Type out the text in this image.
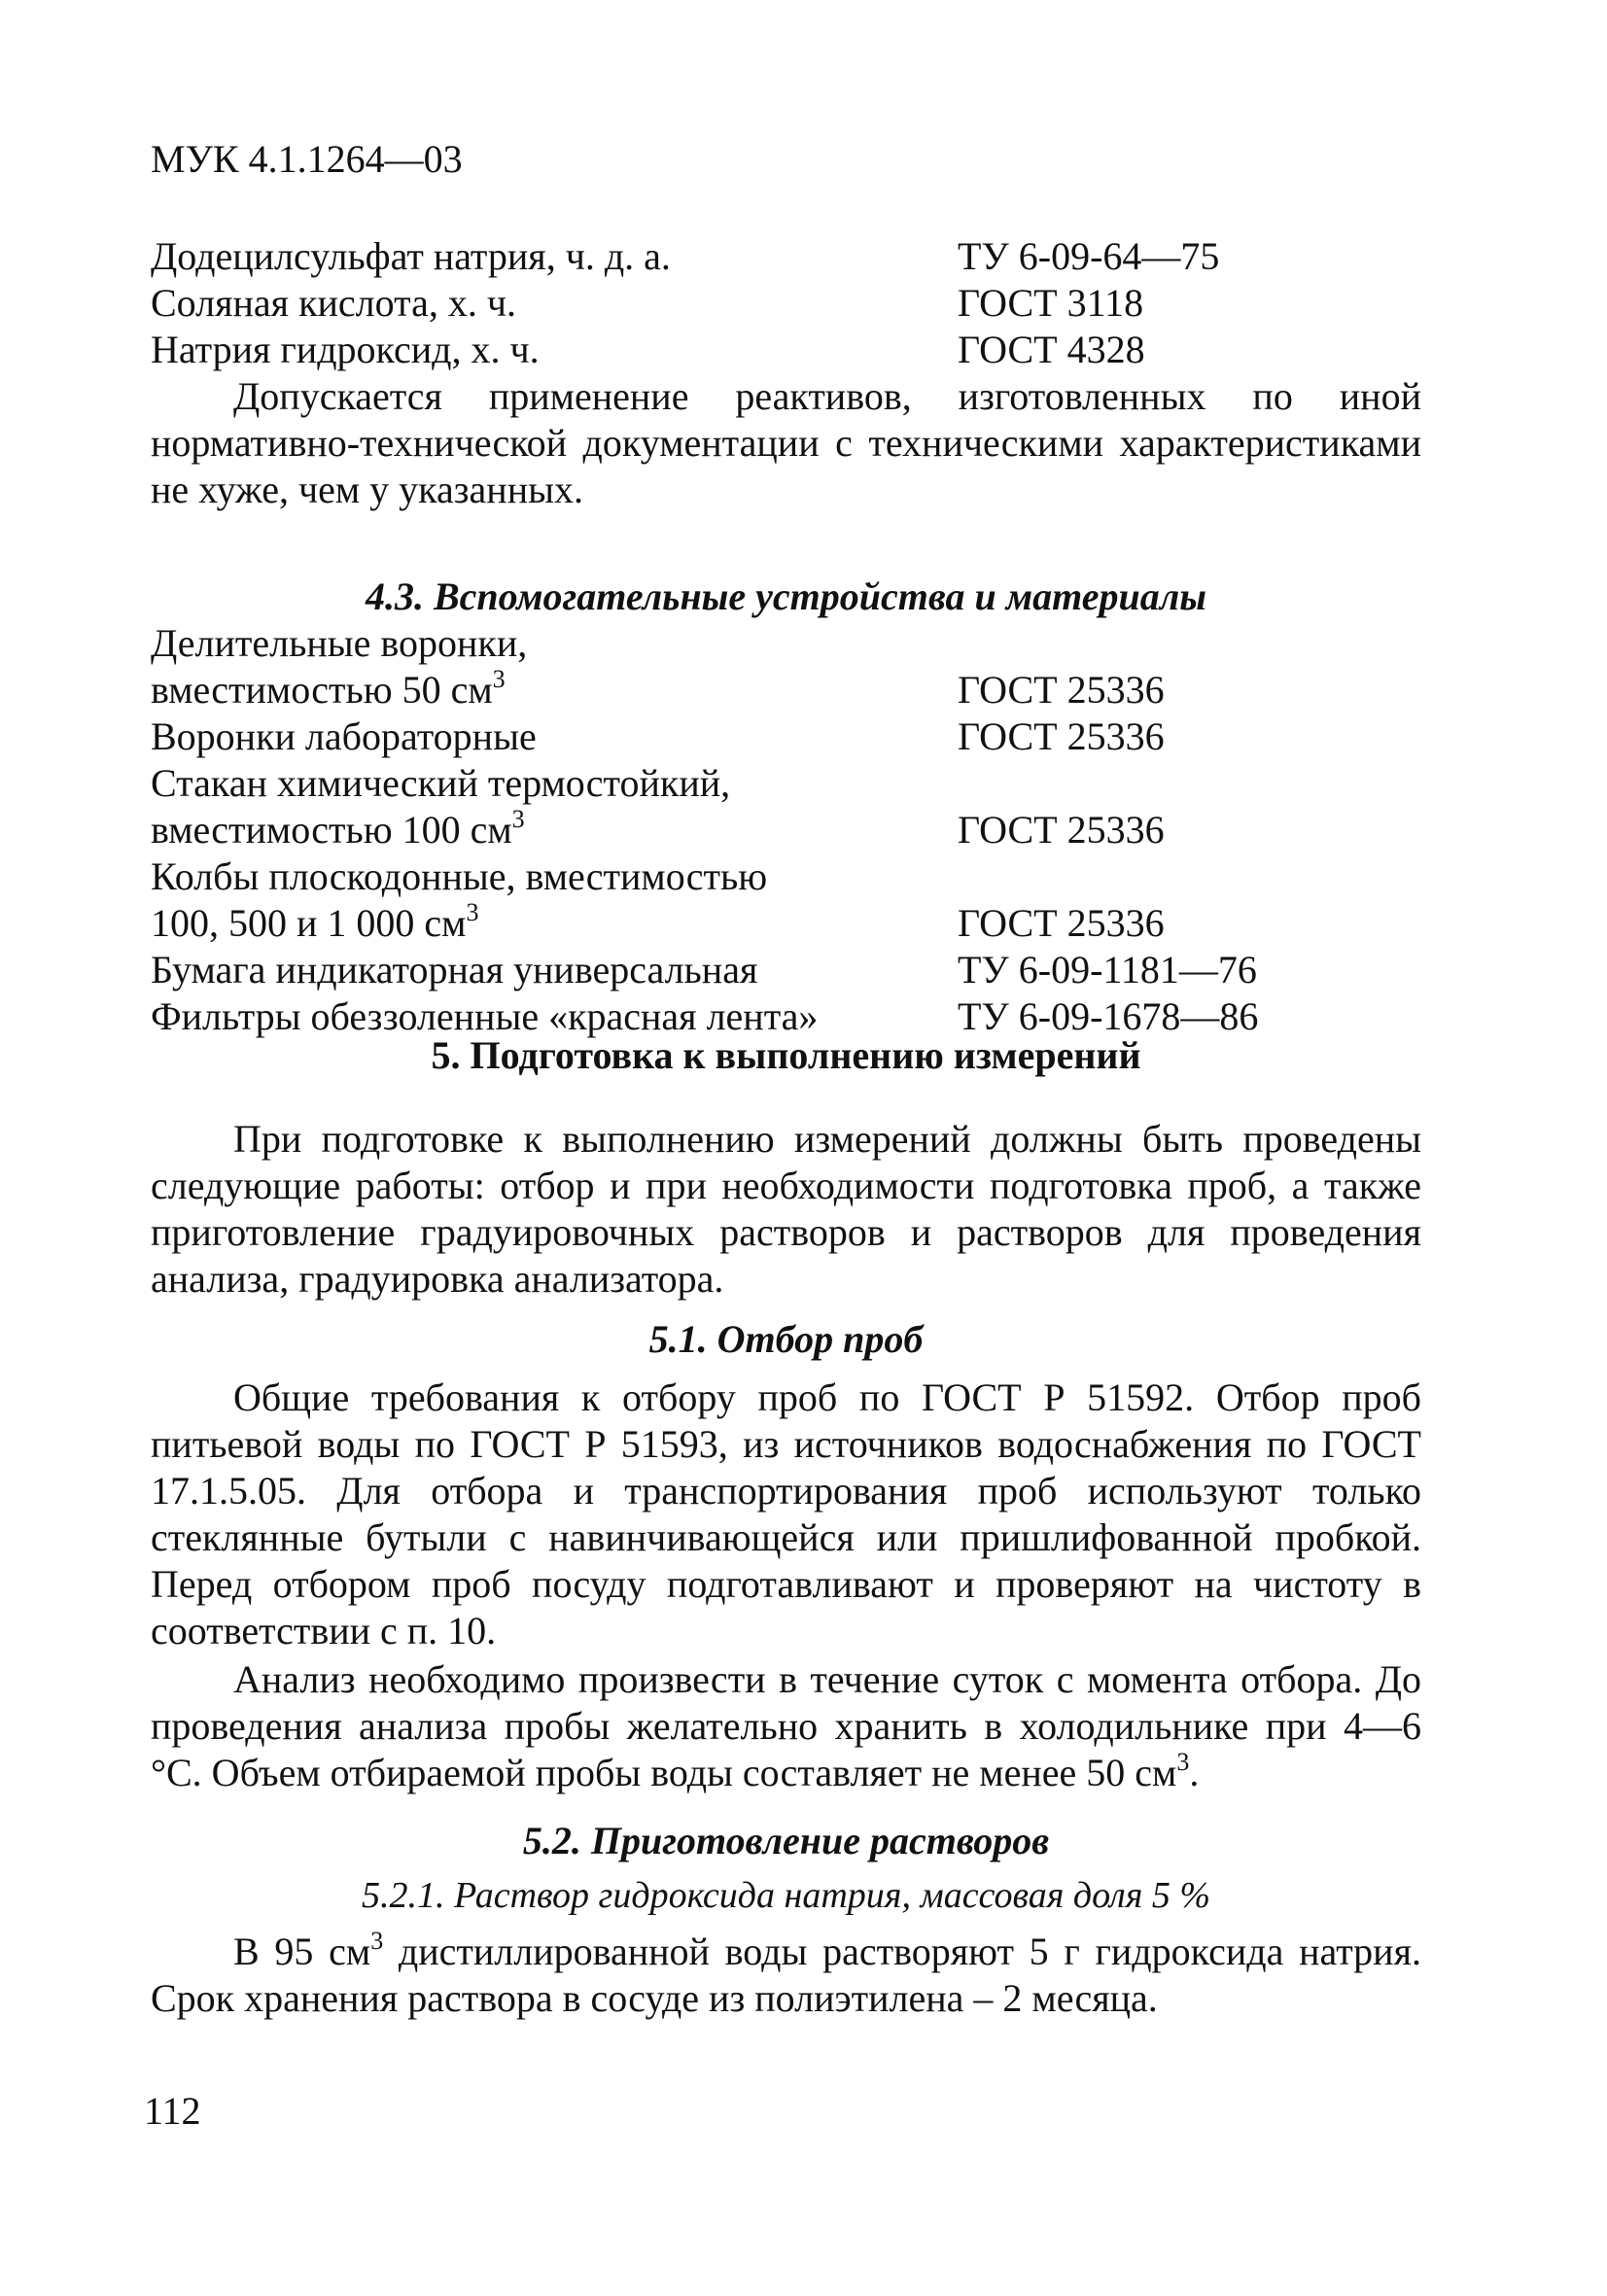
МУК 4.1.1264—03
Додецилсульфат натрия, ч. д. а.	ТУ 6-09-64—75
Соляная кислота, х. ч.	ГОСТ 3118
Натрия гидроксид, х. ч.	ГОСТ 4328

Допускается применение реактивов, изготовленных по иной нормативно-технической документации с техническими характеристиками не хуже, чем у указанных.

4.3. Вспомогательные устройства и материалы
Делительные воронки,
вместимостью 50 $см^3$	ГОСТ 25336
Воронки лабораторные	ГОСТ 25336
Стакан химический термостойкий,
вместимостью 100 $см^3$	ГОСТ 25336
Колбы плоскодонные, вместимостью
100, 500 и 1 000 $см^3$	ГОСТ 25336
Бумага индикаторная универсальная	ТУ 6-09-1181—76
Фильтры обеззоленные «красная лента»	ТУ 6-09-1678—86
5. Подготовка к выполнению измерений

При подготовке к выполнению измерений должны быть проведены следующие работы: отбор и при необходимости подготовка проб, а также приготовление градуировочных растворов и растворов для проведения анализа, градуировка анализатора.

5.1. Отбор проб

Общие требования к отбору проб по ГОСТ Р 51592. Отбор проб питьевой воды по ГОСТ Р 51593, из источников водоснабжения по ГОСТ 17.1.5.05. Для отбора и транспортирования проб используют только стеклянные бутыли с навинчивающейся или пришлифованной пробкой. Перед отбором проб посуду подготавливают и проверяют на чистоту в соответствии с п. 10.

Анализ необходимо произвести в течение суток с момента отбора. До проведения анализа пробы желательно хранить в холодильнике при 4—6 °С. Объем отбираемой пробы воды составляет не менее 50 $см^3$.

5.2. Приготовление растворов
5.2.1. Раствор гидроксида натрия, массовая доля 5 %

В 95 $см^3$ дистиллированной воды растворяют 5 г гидроксида натрия. Срок хранения раствора в сосуде из полиэтилена – 2 месяца.

112
